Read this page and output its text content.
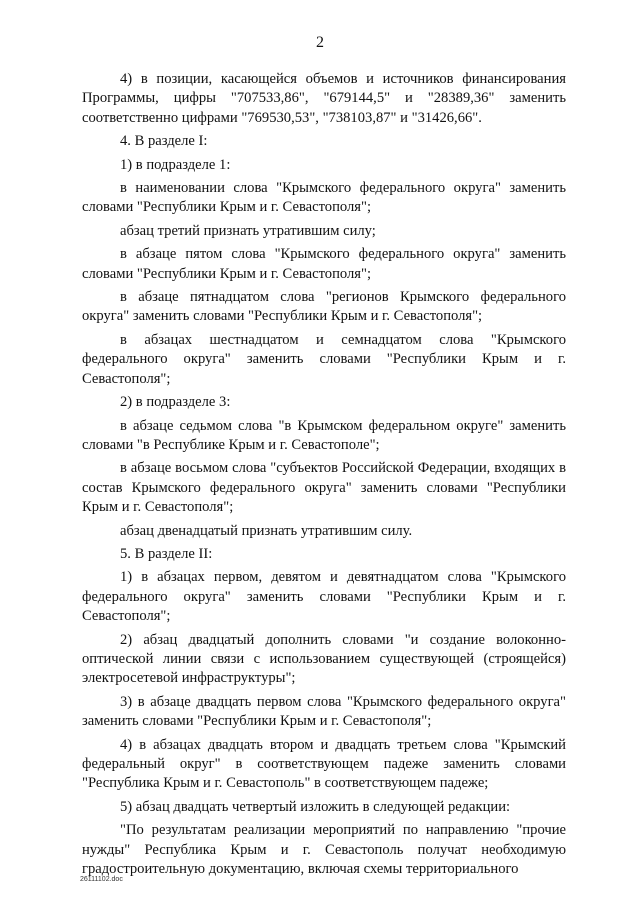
2

4) в позиции, касающейся объемов и источников финансирования Программы, цифры "707533,86", "679144,5" и "28389,36" заменить соответственно цифрами "769530,53", "738103,87" и "31426,66".

4. В разделе I:

1) в подразделе 1:

в наименовании слова "Крымского федерального округа" заменить словами "Республики Крым и г. Севастополя";

абзац третий признать утратившим силу;

в абзаце пятом слова "Крымского федерального округа" заменить словами "Республики Крым и г. Севастополя";

в абзаце пятнадцатом слова "регионов Крымского федерального округа" заменить словами "Республики Крым и г. Севастополя";

в абзацах шестнадцатом и семнадцатом слова "Крымского федерального округа" заменить словами "Республики Крым и г. Севастополя";

2) в подразделе 3:

в абзаце седьмом слова "в Крымском федеральном округе" заменить словами "в Республике Крым и г. Севастополе";

в абзаце восьмом слова "субъектов Российской Федерации, входящих в состав Крымского федерального округа" заменить словами "Республики Крым и г. Севастополя";

абзац двенадцатый признать утратившим силу.

5. В разделе II:

1) в абзацах первом, девятом и девятнадцатом слова "Крымского федерального округа" заменить словами "Республики Крым и г. Севастополя";

2) абзац двадцатый дополнить словами "и создание волоконно-оптической линии связи с использованием существующей (строящейся) электросетевой инфраструктуры";

3) в абзаце двадцать первом слова "Крымского федерального округа" заменить словами "Республики Крым и г. Севастополя";

4) в абзацах двадцать втором и двадцать третьем слова "Крымский федеральный округ" в соответствующем падеже заменить словами "Республика Крым и г. Севастополь" в соответствующем падеже;

5) абзац двадцать четвертый изложить в следующей редакции:

"По результатам реализации мероприятий по направлению "прочие нужды" Республика Крым и г. Севастополь получат необходимую градостроительную документацию, включая схемы территориального

26111102.doc
